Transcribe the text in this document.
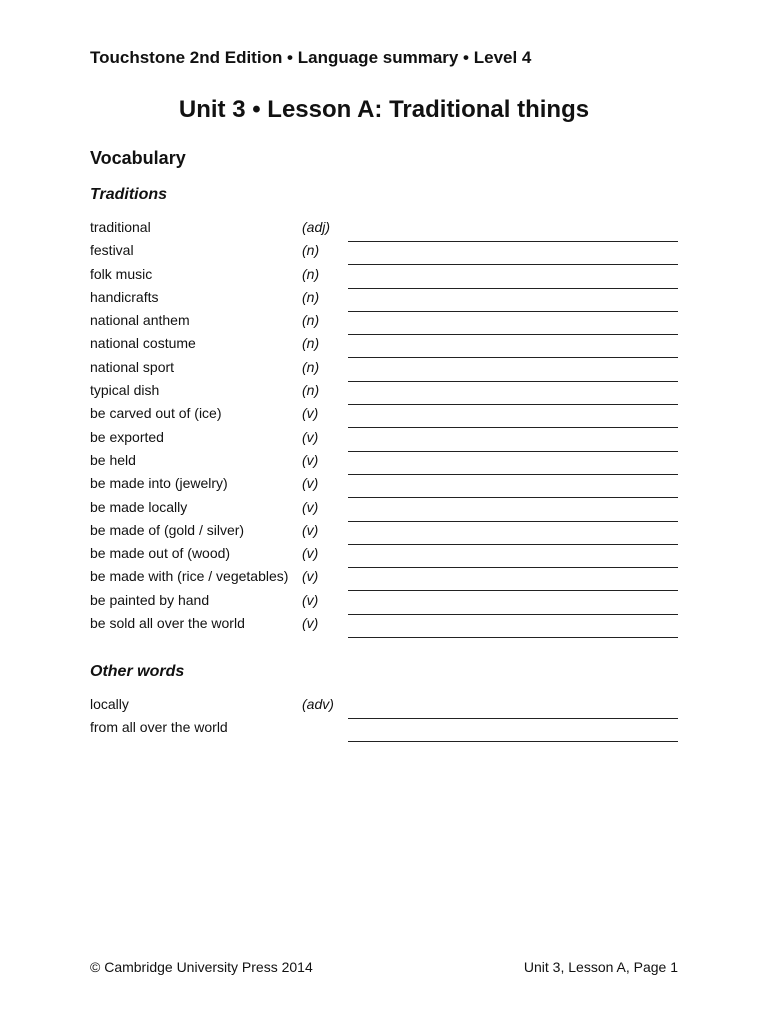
Touchstone 2nd Edition • Language summary • Level 4
Unit 3 • Lesson A: Traditional things
Vocabulary
Traditions
traditional	(adj)
festival	(n)
folk music	(n)
handicrafts	(n)
national anthem	(n)
national costume	(n)
national sport	(n)
typical dish	(n)
be carved out of (ice)	(v)
be exported	(v)
be held	(v)
be made into (jewelry)	(v)
be made locally	(v)
be made of (gold / silver)	(v)
be made out of (wood)	(v)
be made with (rice / vegetables) (v)
be painted by hand	(v)
be sold all over the world	(v)
Other words
locally	(adv)
from all over the world
© Cambridge University Press 2014	Unit 3, Lesson A, Page 1
